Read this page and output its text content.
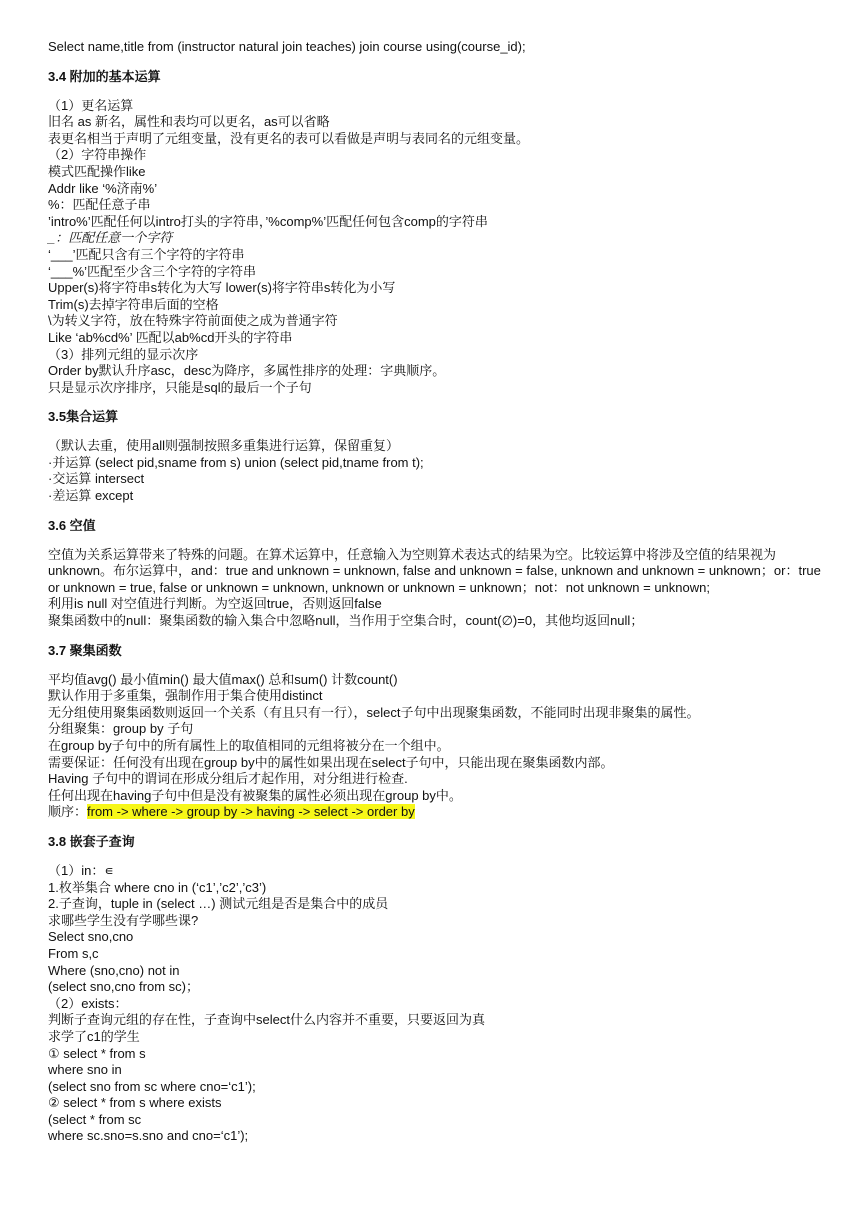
Select name,title from (instructor natural join teaches) join course using(course_id);
3.4 附加的基本运算
（1）更名运算
旧名 as 新名，属性和表均可以更名，as可以省略
表更名相当于声明了元组变量，没有更名的表可以看做是声明与表同名的元组变量。
（2）字符串操作
模式匹配操作like
Addr like ‘%济南%’
%：匹配任意子串
’intro%’匹配任何以intro打头的字符串，’%comp%’匹配任何包含comp的字符串
_：匹配任意一个字符
‘___’匹配只含有三个字符的字符串
‘___%’匹配至少含三个字符的字符串
Upper(s)将字符串s转化为大写 lower(s)将字符串s转化为小写
Trim(s)去掉字符串后面的空格
\为转义字符，放在特殊字符前面使之成为普通字符
Like ‘ab%cd%’ 匹配以ab%cd开头的字符串
（3）排列元组的显示次序
Order by默认升序asc，desc为降序，多属性排序的处理：字典顺序。
只是显示次序排序，只能是sql的最后一个子句
3.5集合运算
（默认去重，使用all则强制按照多重集进行运算，保留重复）
·并运算 (select pid,sname from s) union (select pid,tname from t);
·交运算 intersect
·差运算 except
3.6 空值
空值为关系运算带来了特殊的问题。在算术运算中，任意输入为空则算术表达式的结果为空。比较运算中将涉及空值的结果视为unknown。布尔运算中，and：true and unknown = unknown, false and unknown = false, unknown and unknown = unknown；or：true or unknown = true, false or unknown = unknown, unknown or unknown = unknown；not：not unknown = unknown;
利用is null 对空值进行判断。为空返回true，否则返回false
聚集函数中的null：聚集函数的输入集合中忽略null，当作用于空集合时，count(∅)=0，其他均返回null；
3.7 聚集函数
平均值avg() 最小值min() 最大值max() 总和sum() 计数count()
默认作用于多重集，强制作用于集合使用distinct
无分组使用聚集函数则返回一个关系（有且只有一行），select子句中出现聚集函数，不能同时出现非聚集的属性。
分组聚集：group by 子句
在group by子句中的所有属性上的取值相同的元组将被分在一个组中。
需要保证：任何没有出现在group by中的属性如果出现在select子句中，只能出现在聚集函数内部。
Having 子句中的谓词在形成分组后才起作用，对分组进行检查.
任何出现在having子句中但是没有被聚集的属性必须出现在group by中。
顺序：from -> where -> group by -> having -> select -> order by
3.8 嵌套子查询
（1）in：∊
1.枚举集合 where cno in (‘c1’,’c2’,’c3’)
2.子查询，tuple in (select …) 测试元组是否是集合中的成员
求哪些学生没有学哪些课?
Select sno,cno
From s,c
Where (sno,cno) not in
(select sno,cno from sc)；
（2）exists：
判断子查询元组的存在性，子查询中select什么内容并不重要，只要返回为真
求学了c1的学生
① select * from s
where sno in
(select sno from sc where cno=‘c1’);
② select * from s where exists
(select * from sc
where sc.sno=s.sno and cno=‘c1’);
